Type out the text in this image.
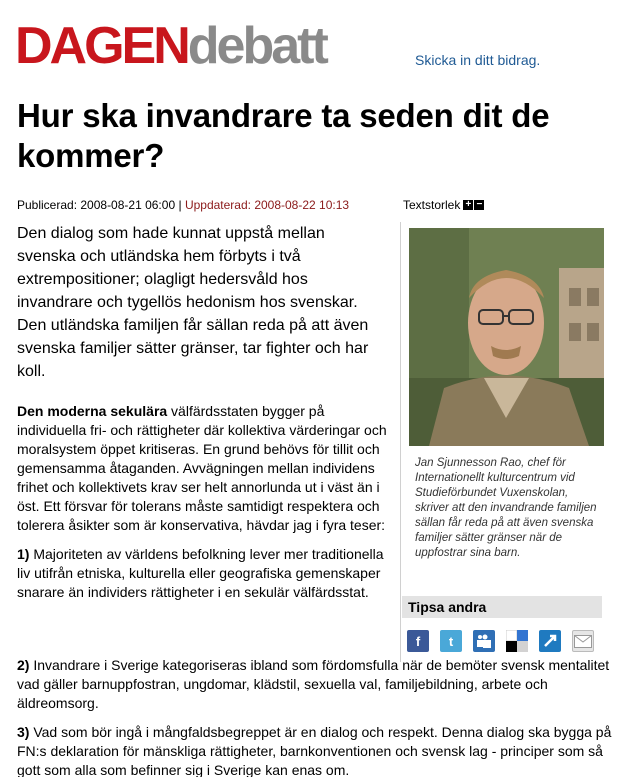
DAGENdebatt	Skicka in ditt bidrag.
Hur ska invandrare ta seden dit de kommer?
Publicerad: 2008-08-21 06:00 | Uppdaterad: 2008-08-22 10:13	Textstorlek + −
Den dialog som hade kunnat uppstå mellan svenska och utländska hem förbyts i två extrempositioner; olagligt hedersvåld hos invandrare och tygellös hedonism hos svenskar. Den utländska familjen får sällan reda på att även svenska familjer sätter gränser, tar fighter och har koll.

Den moderna sekulära välfärdsstaten bygger på individuella fri- och rättigheter där kollektiva värderingar och moralsystem öppet kritiseras. En grund behövs för tillit och gemensamma åtaganden. Avvägningen mellan individens frihet och kollektivets krav ser helt annorlunda ut i väst än i öst. Ett försvar för tolerans måste samtidigt respektera och tolerera åsikter som är konservativa, hävdar jag i fyra teser:

1) Majoriteten av världens befolkning lever mer traditionella liv utifrån etniska, kulturella eller geografiska gemenskaper snarare än individers rättigheter i en sekulär välfärdsstat.

2) Invandrare i Sverige kategoriseras ibland som fördomsfulla när de bemöter svensk mentalitet vad gäller barnuppfostran, ungdomar, klädstil, sexuella val, familjebildning, arbete och äldreomsorg.

3) Vad som bör ingå i mångfaldsbegreppet är en dialog och respekt. Denna dialog ska bygga på FN:s deklaration för mänskliga rättigheter, barnkonventionen och svensk lag - principer som så gott som alla som befinner sig i Sverige kan enas om.

Jan Sjunnesson Rao, chef för Internationellt kulturcentrum vid Studieförbundet Vuxenskolan, skriver att den invandrande familjen sällan får reda på att även svenska familjer sätter gränser när de uppfostrar sina barn.
Tipsa andra
f	t
